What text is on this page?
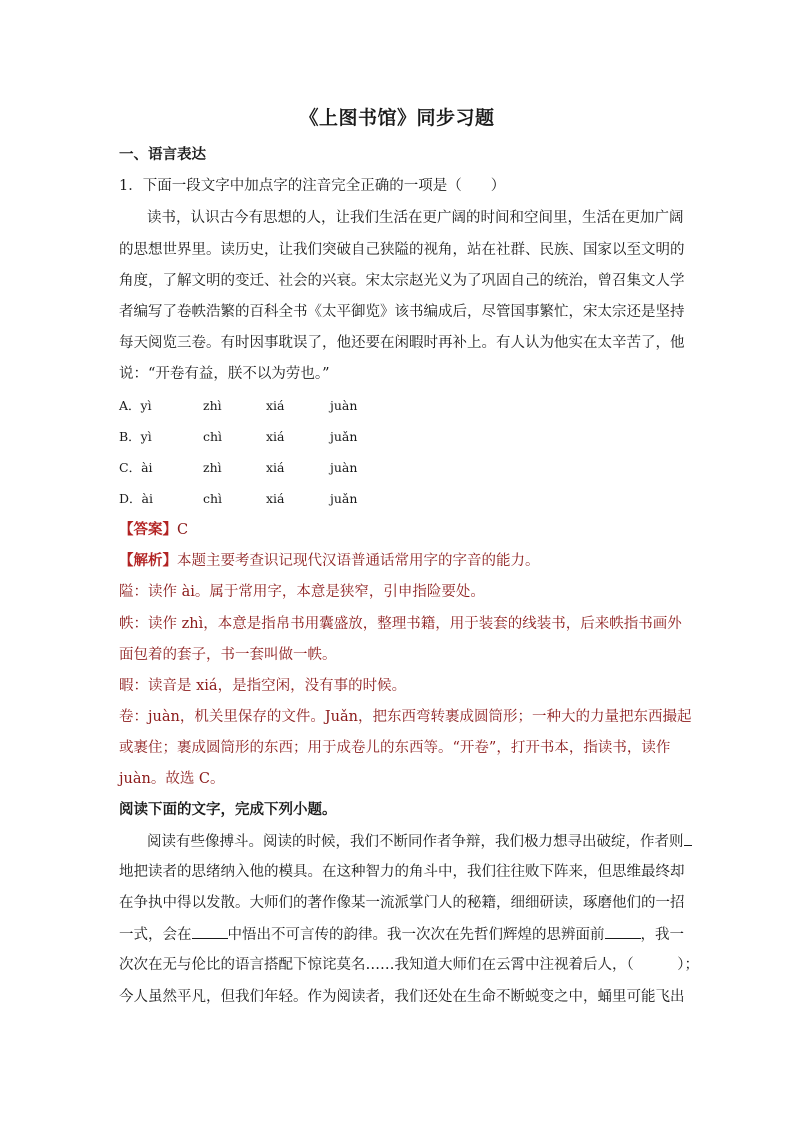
《上图书馆》同步习题
一、语言表达
1．下面一段文字中加点字的注音完全正确的一项是（　　）
读书，认识古今有思想的人，让我们生活在更广阔的时间和空间里，生活在更加广阔
的思想世界里。读历史，让我们突破自己狭隘的视角，站在社群、民族、国家以至文明的
角度，了解文明的变迁、社会的兴衰。宋太宗赵光义为了巩固自己的统治，曾召集文人学
者编写了卷帙浩繁的百科全书《太平御览》该书编成后，尽管国事繁忙，宋太宗还是坚持
每天阅览三卷。有时因事耽误了，他还要在闲暇时再补上。有人认为他实在太辛苦了，他
说：“开卷有益，朕不以为劳也。”
A．yì	zhì	xiá	juàn
B．yì	chì	xiá	juǎn
C．ài	zhì	xiá	juàn
D．ài	chì	xiá	juǎn
【答案】C
【解析】本题主要考查识记现代汉语普通话常用字的字音的能力。
隘：读作 ài。属于常用字，本意是狭窄，引申指险要处。
帙：读作 zhì，本意是指帛书用囊盛放，整理书籍，用于装套的线装书，后来帙指书画外
面包着的套子，书一套叫做一帙。
暇：读音是 xiá，是指空闲，没有事的时候。
卷：juàn，机关里保存的文件。Juǎn，把东西弯转裹成圆筒形；一种大的力量把东西撮起
或裹住；裹成圆筒形的东西；用于成卷儿的东西等。“开卷”，打开书本，指读书，读作
juàn。故选 C。
阅读下面的文字，完成下列小题。
阅读有些像搏斗。阅读的时候，我们不断同作者争辩，我们极力想寻出破绽，作者则
地把读者的思绪纳入他的模具。在这种智力的角斗中，我们往往败下阵来，但思维最终却
在争执中得以发散。大师们的著作像某一流派掌门人的秘籍，细细研读，琢磨他们的一招
一式，会在 中悟出不可言传的韵律。我一次次在先哲们辉煌的思辨面前 ，我一
次次在无与伦比的语言搭配下惊诧莫名……我知道大师们在云霄中注视着后人，（　　　）；
今人虽然平凡，但我们年轻。作为阅读者，我们还处在生命不断蜕变之中，蛹里可能飞出
